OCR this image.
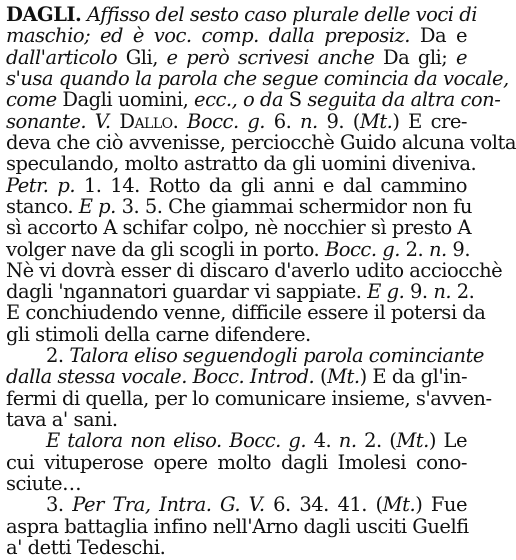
DAGLI. Affisso del sesto caso plurale delle voci di
maschio; ed è voc. comp. dalla preposiz. Da e
dall'articolo Gli, e però scrivesi anche Da gli; e
s'usa quando la parola che segue comincia da vocale,
come Dagli uomini, ecc., o da S seguita da altra con-
sonante. V. Dallo. Bocc. g. 6. n. 9. (Mt.) E cre-
deva che ciò avvenisse, perciocchè Guido alcuna volta
speculando, molto astratto da gli uomini diveniva.
Petr. p. 1. 14. Rotto da gli anni e dal cammino
stanco. E p. 3. 5. Che giammai schermidor non fu
sì accorto A schifar colpo, nè nocchier sì presto A
volger nave da gli scogli in porto. Bocc. g. 2. n. 9.
Nè vi dovrà esser di discaro d'averlo udito acciocchè
dagli 'ngannatori guardar vi sappiate. E g. 9. n. 2.
E conchiudendo venne, difficile essere il potersi da
gli stimoli della carne difendere.
2. Talora eliso seguendogli parola cominciante
dalla stessa vocale. Bocc. Introd. (Mt.) E da gl'in-
fermi di quella, per lo comunicare insieme, s'avven-
tava a' sani.
E talora non eliso. Bocc. g. 4. n. 2. (Mt.) Le
cui vituperose opere molto dagli Imolesi cono-
sciute…
3. Per Tra, Intra. G. V. 6. 34. 41. (Mt.) Fue
aspra battaglia infino nell'Arno dagli usciti Guelfi
a' detti Tedeschi.
